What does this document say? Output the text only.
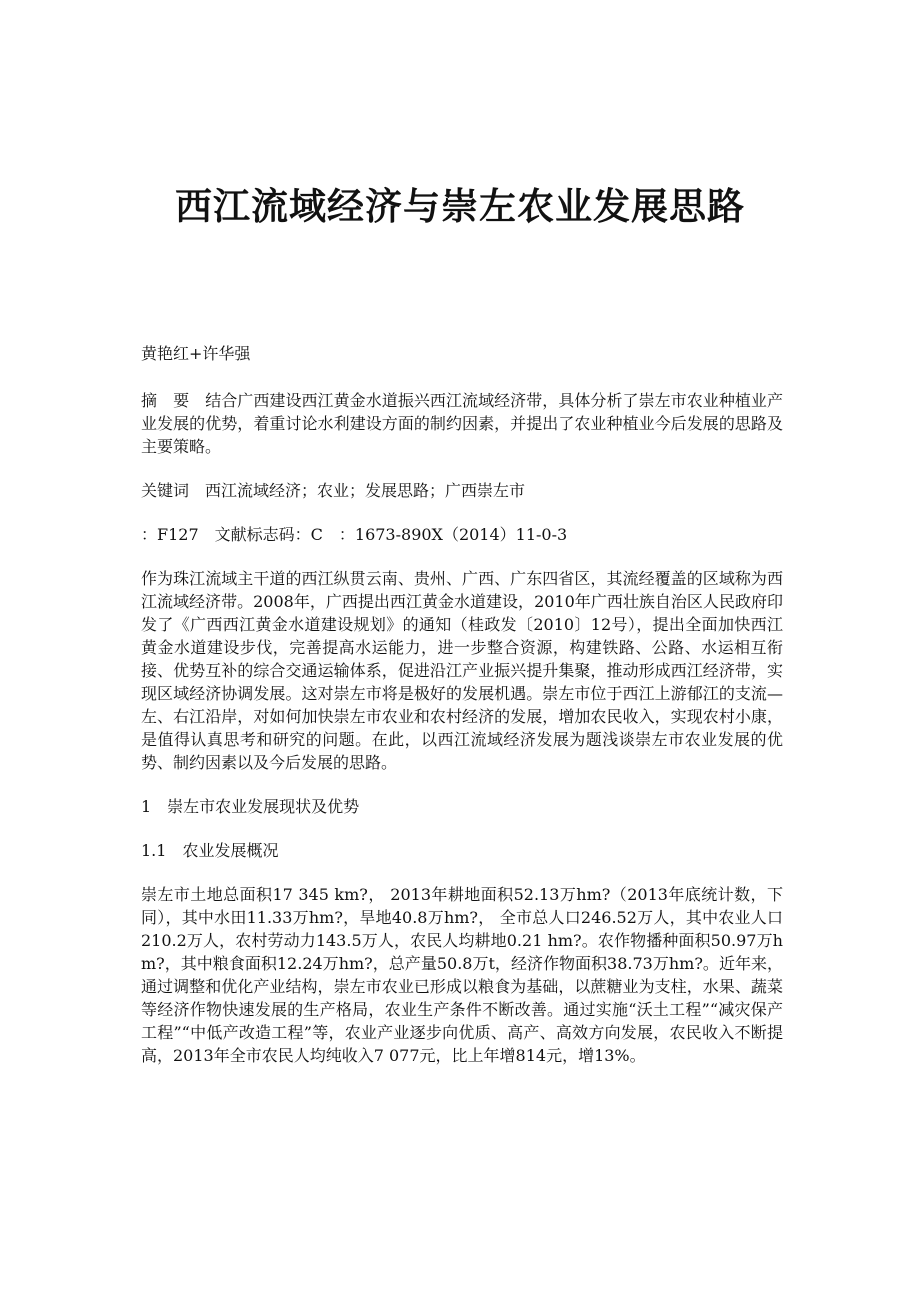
西江流域经济与崇左农业发展思路

黄艳红+许华强

摘　要　结合广西建设西江黄金水道振兴西江流域经济带，具体分析了崇左市农业种植业产业发展的优势，着重讨论水利建设方面的制约因素，并提出了农业种植业今后发展的思路及主要策略。

关键词　西江流域经济；农业；发展思路；广西崇左市

：F127　文献标志码：C　：1673-890X（2014）11-0-3

作为珠江流域主干道的西江纵贯云南、贵州、广西、广东四省区，其流经覆盖的区域称为西江流域经济带。2008年，广西提出西江黄金水道建设，2010年广西壮族自治区人民政府印发了《广西西江黄金水道建设规划》的通知（桂政发〔2010〕12号），提出全面加快西江黄金水道建设步伐，完善提高水运能力，进一步整合资源，构建铁路、公路、水运相互衔接、优势互补的综合交通运输体系，促进沿江产业振兴提升集聚，推动形成西江经济带，实现区域经济协调发展。这对崇左市将是极好的发展机遇。崇左市位于西江上游郁江的支流—左、右江沿岸，对如何加快崇左市农业和农村经济的发展，增加农民收入，实现农村小康，是值得认真思考和研究的问题。在此，以西江流域经济发展为题浅谈崇左市农业发展的优势、制约因素以及今后发展的思路。

1　崇左市农业发展现状及优势

1.1　农业发展概况

崇左市土地总面积17 345 km?， 2013年耕地面积52.13万hm?（2013年底统计数，下同），其中水田11.33万hm?，旱地40.8万hm?， 全市总人口246.52万人，其中农业人口210.2万人，农村劳动力143.5万人，农民人均耕地0.21 hm?。农作物播种面积50.97万hm?，其中粮食面积12.24万hm?，总产量50.8万t，经济作物面积38.73万hm?。近年来，通过调整和优化产业结构，崇左市农业已形成以粮食为基础，以蔗糖业为支柱，水果、蔬菜等经济作物快速发展的生产格局，农业生产条件不断改善。通过实施“沃土工程”“减灾保产工程”“中低产改造工程”等，农业产业逐步向优质、高产、高效方向发展，农民收入不断提高，2013年全市农民人均纯收入7 077元，比上年增814元，增13%。
